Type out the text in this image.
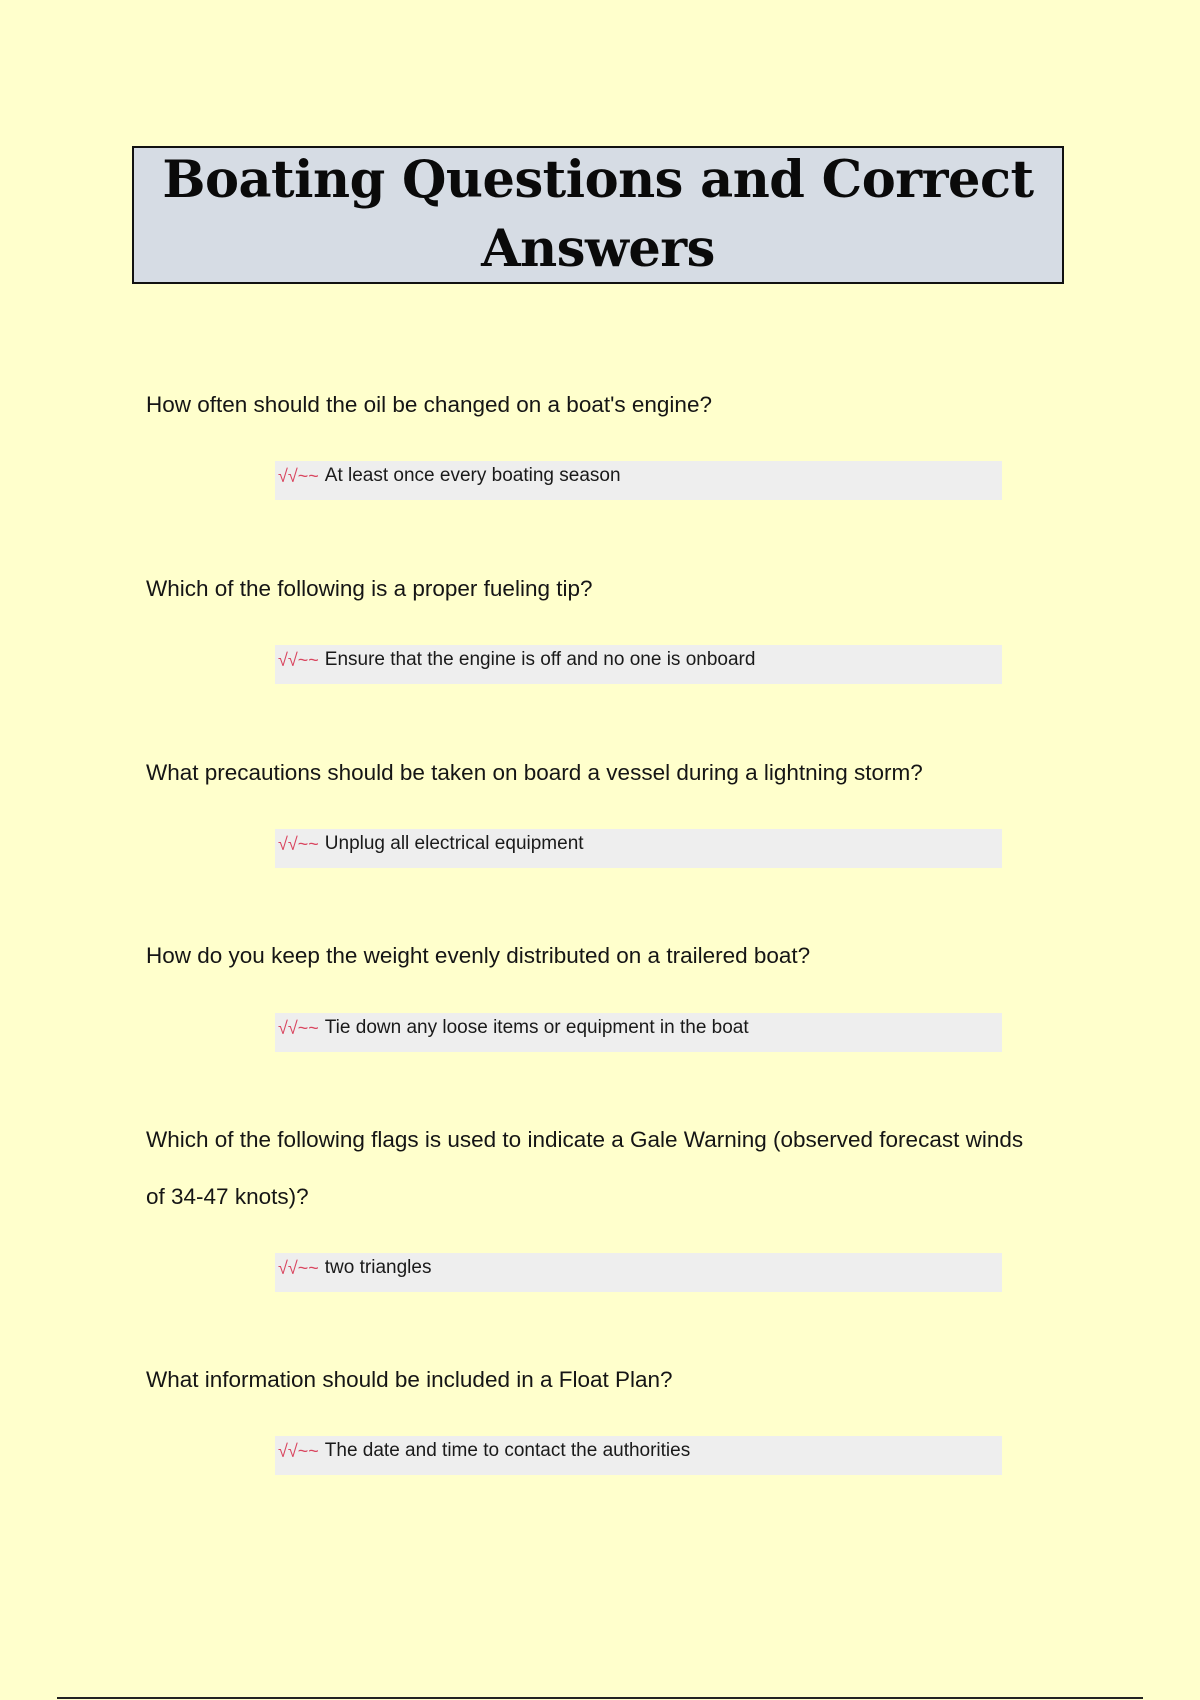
Boating Questions and Correct Answers

How often should the oil be changed on a boat's engine?

√√~~ At least once every boating season

Which of the following is a proper fueling tip?

√√~~ Ensure that the engine is off and no one is onboard

What precautions should be taken on board a vessel during a lightning storm?

√√~~ Unplug all electrical equipment

How do you keep the weight evenly distributed on a trailered boat?

√√~~ Tie down any loose items or equipment in the boat

Which of the following flags is used to indicate a Gale Warning (observed forecast winds of 34-47 knots)?

√√~~ two triangles

What information should be included in a Float Plan?

√√~~ The date and time to contact the authorities
